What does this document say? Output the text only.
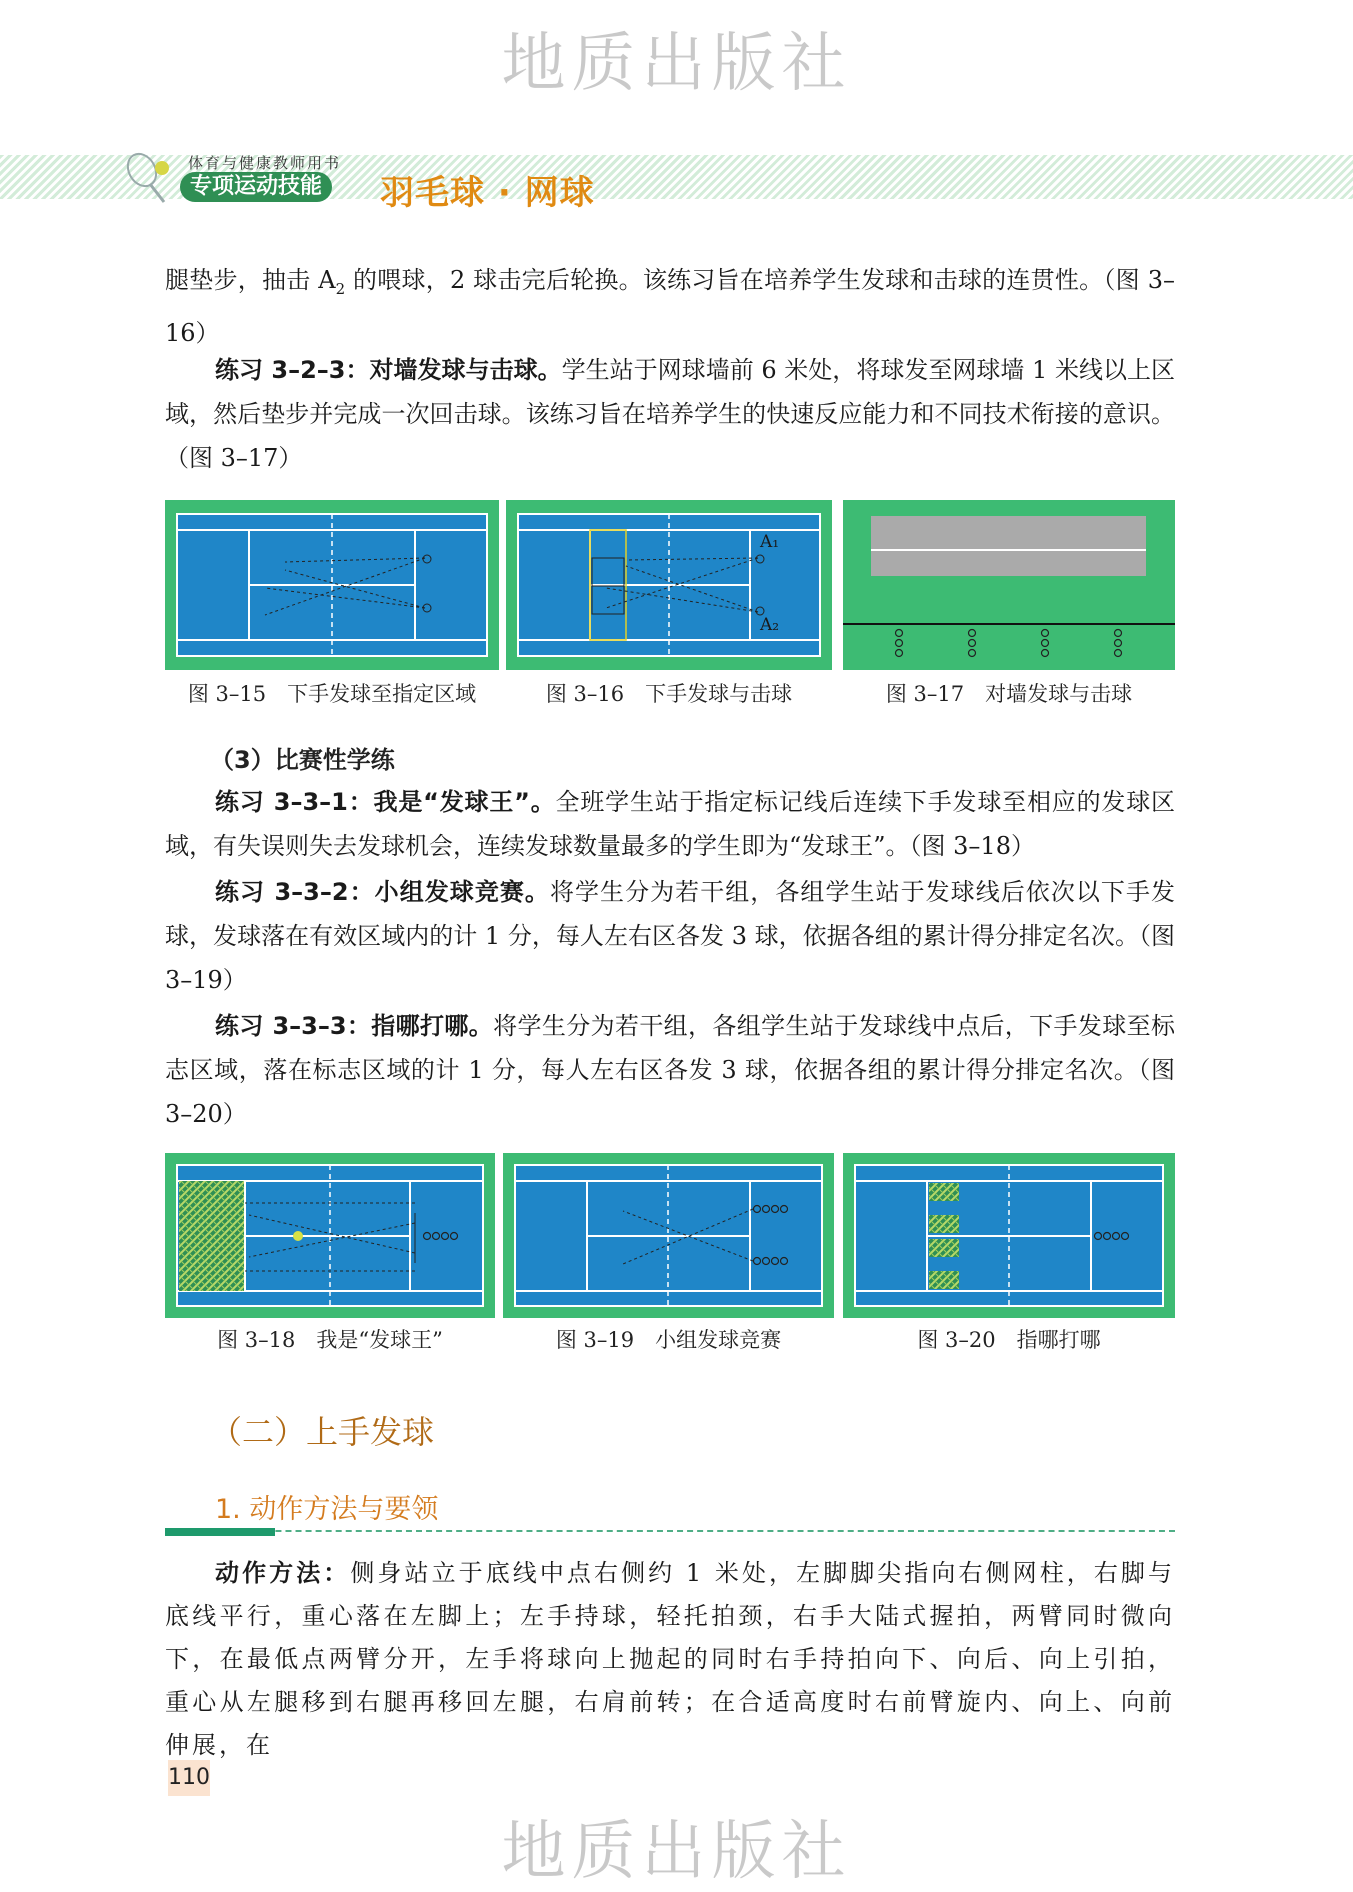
地质出版社
体育与健康教师用书
专项运动技能 羽毛球 · 网球
腿垫步，抽击 $A_2$ 的喂球，2 球击完后轮换。该练习旨在培养学生发球和击球的连贯性。（图 3–16）
练习 3–2–3：对墙发球与击球。学生站于网球墙前 6 米处，将球发至网球墙 1 米线以上区域，然后垫步并完成一次回击球。该练习旨在培养学生的快速反应能力和不同技术衔接的意识。（图 3–17）
A₁
A₂
图 3–15　下手发球至指定区域	图 3–16　下手发球与击球	图 3–17　对墙发球与击球
（3）比赛性学练
练习 3–3–1：我是“发球王”。全班学生站于指定标记线后连续下手发球至相应的发球区域，有失误则失去发球机会，连续发球数量最多的学生即为“发球王”。（图 3–18）
练习 3–3–2：小组发球竞赛。将学生分为若干组，各组学生站于发球线后依次以下手发球，发球落在有效区域内的计 1 分，每人左右区各发 3 球，依据各组的累计得分排定名次。（图 3–19）
练习 3–3–3：指哪打哪。将学生分为若干组，各组学生站于发球线中点后，下手发球至标志区域，落在标志区域的计 1 分，每人左右区各发 3 球，依据各组的累计得分排定名次。（图 3–20）
图 3–18　我是“发球王”	图 3–19　小组发球竞赛	图 3–20　指哪打哪
（二）上手发球
1. 动作方法与要领
动作方法：侧身站立于底线中点右侧约 1 米处，左脚脚尖指向右侧网柱，右脚与底线平行，重心落在左脚上；左手持球，轻托拍颈，右手大陆式握拍，两臂同时微向下，在最低点两臂分开，左手将球向上抛起的同时右手持拍向下、向后、向上引拍，重心从左腿移到右腿再移回左腿，右肩前转；在合适高度时右前臂旋内、向上、向前伸展，在
110
地质出版社
